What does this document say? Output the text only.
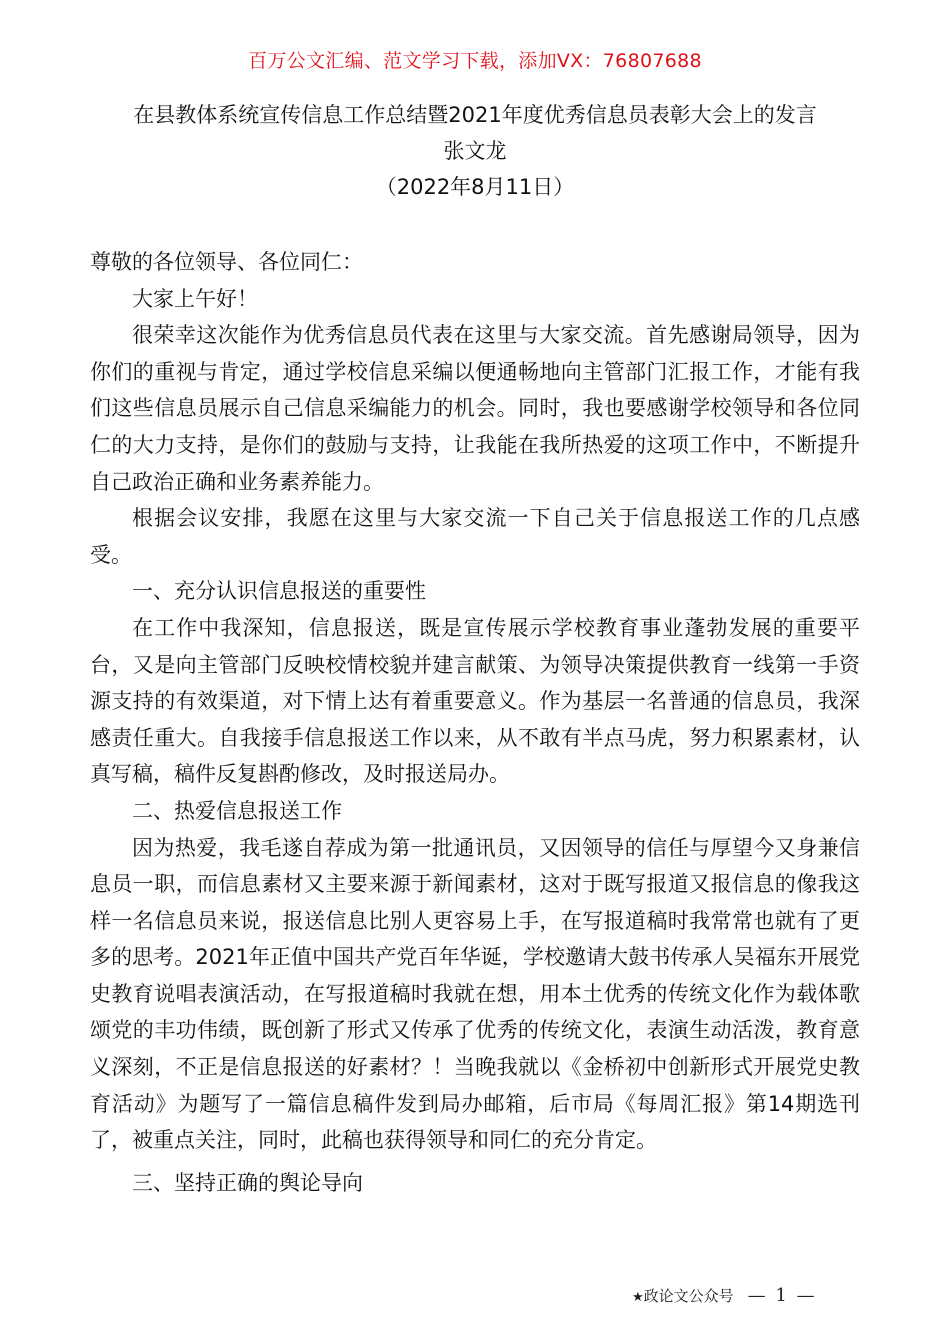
百万公文汇编、范文学习下载，添加VX：76807688
在县教体系统宣传信息工作总结暨2021年度优秀信息员表彰大会上的发言
张文龙
（2022年8月11日）

尊敬的各位领导、各位同仁：

大家上午好！

很荣幸这次能作为优秀信息员代表在这里与大家交流。首先感谢局领导，因为你们的重视与肯定，通过学校信息采编以便通畅地向主管部门汇报工作，才能有我们这些信息员展示自己信息采编能力的机会。同时，我也要感谢学校领导和各位同仁的大力支持，是你们的鼓励与支持，让我能在我所热爱的这项工作中，不断提升自己政治正确和业务素养能力。

根据会议安排，我愿在这里与大家交流一下自己关于信息报送工作的几点感受。

一、充分认识信息报送的重要性

在工作中我深知，信息报送，既是宣传展示学校教育事业蓬勃发展的重要平台，又是向主管部门反映校情校貌并建言献策、为领导决策提供教育一线第一手资源支持的有效渠道，对下情上达有着重要意义。作为基层一名普通的信息员，我深感责任重大。自我接手信息报送工作以来，从不敢有半点马虎，努力积累素材，认真写稿，稿件反复斟酌修改，及时报送局办。

二、热爱信息报送工作

因为热爱，我毛遂自荐成为第一批通讯员，又因领导的信任与厚望今又身兼信息员一职，而信息素材又主要来源于新闻素材，这对于既写报道又报信息的像我这样一名信息员来说，报送信息比别人更容易上手，在写报道稿时我常常也就有了更多的思考。2021年正值中国共产党百年华诞，学校邀请大鼓书传承人吴福东开展党史教育说唱表演活动，在写报道稿时我就在想，用本土优秀的传统文化作为载体歌颂党的丰功伟绩，既创新了形式又传承了优秀的传统文化，表演生动活泼，教育意义深刻，不正是信息报送的好素材？！当晚我就以《金桥初中创新形式开展党史教育活动》为题写了一篇信息稿件发到局办邮箱，后市局《每周汇报》第14期选刊了，被重点关注，同时，此稿也获得领导和同仁的充分肯定。

三、坚持正确的舆论导向

★政论文公众号 — 1 —
